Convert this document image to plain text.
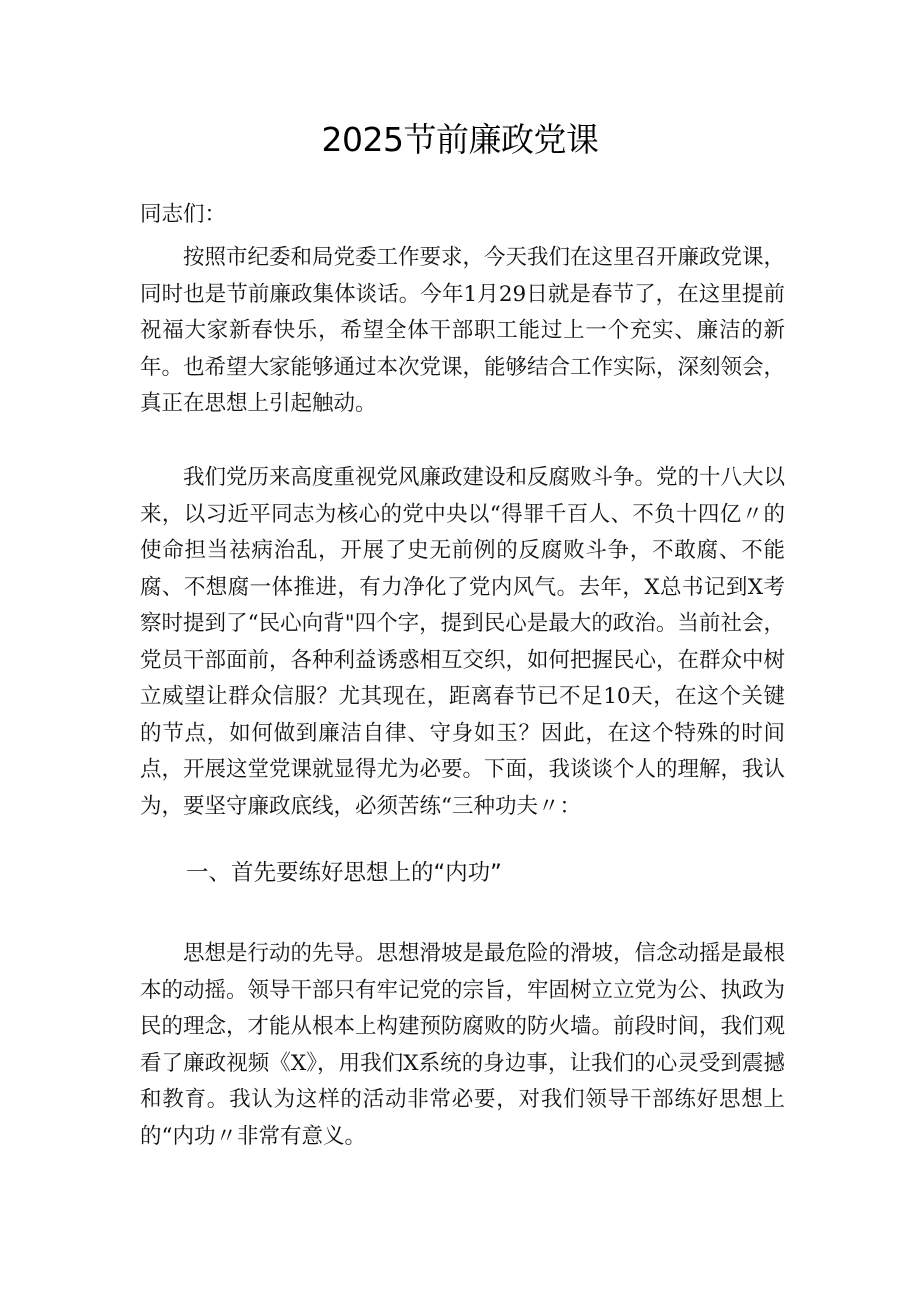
2025节前廉政党课

同志们：

按照市纪委和局党委工作要求，今天我们在这里召开廉政党课，同时也是节前廉政集体谈话。今年1月29日就是春节了，在这里提前祝福大家新春快乐，希望全体干部职工能过上一个充实、廉洁的新年。也希望大家能够通过本次党课，能够结合工作实际，深刻领会，真正在思想上引起触动。

我们党历来高度重视党风廉政建设和反腐败斗争。党的十八大以来，以习近平同志为核心的党中央以“得罪千百人、不负十四亿〃的使命担当祛病治乱，开展了史无前例的反腐败斗争，不敢腐、不能腐、不想腐一体推进，有力净化了党内风气。去年，X总书记到X考察时提到了“民心向背"四个字，提到民心是最大的政治。当前社会，党员干部面前，各种利益诱惑相互交织，如何把握民心，在群众中树立威望让群众信服？尤其现在，距离春节已不足10天，在这个关键的节点，如何做到廉洁自律、守身如玉？因此，在这个特殊的时间点，开展这堂党课就显得尤为必要。下面，我谈谈个人的理解，我认为，要坚守廉政底线，必须苦练“三种功夫〃：

一、首先要练好思想上的“内功”

思想是行动的先导。思想滑坡是最危险的滑坡，信念动摇是最根本的动摇。领导干部只有牢记党的宗旨，牢固树立立党为公、执政为民的理念，才能从根本上构建预防腐败的防火墙。前段时间，我们观看了廉政视频《X》，用我们X系统的身边事，让我们的心灵受到震撼和教育。我认为这样的活动非常必要，对我们领导干部练好思想上的“内功〃非常有意义。
